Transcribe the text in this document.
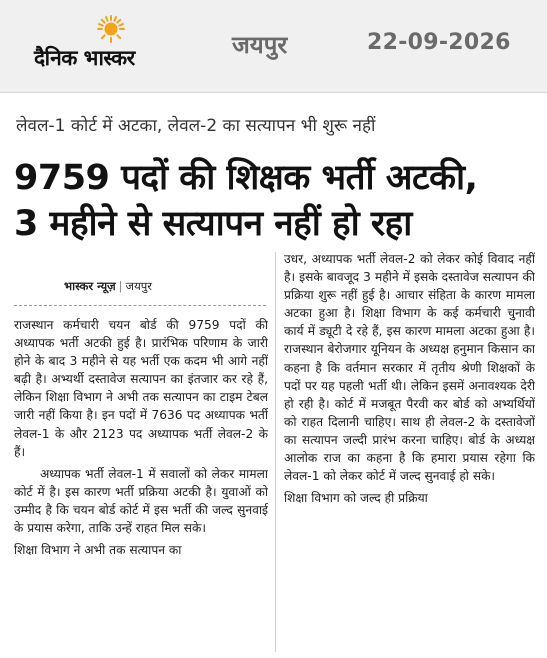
दैनिक भास्कर	जयपुर	22-09-2026
लेवल-1 कोर्ट में अटका, लेवल-2 का सत्यापन भी शुरू नहीं
9759 पदों की शिक्षक भर्ती अटकी,
3 महीने से सत्यापन नहीं हो रहा
भास्कर न्यूज़ | जयपुर

राजस्थान कर्मचारी चयन बोर्ड की 9759 पदों की अध्यापक भर्ती अटकी हुई है। प्रारंभिक परिणाम के जारी होने के बाद 3 महीने से यह भर्ती एक कदम भी आगे नहीं बढ़ी है। अभ्यर्थी दस्तावेज सत्यापन का इंतजार कर रहे हैं, लेकिन शिक्षा विभाग ने अभी तक सत्यापन का टाइम टेबल जारी नहीं किया है। इन पदों में 7636 पद अध्यापक भर्ती लेवल-1 के और 2123 पद अध्यापक भर्ती लेवल-2 के हैं।

अध्यापक भर्ती लेवल-1 में सवालों को लेकर मामला कोर्ट में है। इस कारण भर्ती प्रक्रिया अटकी है। युवाओं को उम्मीद है कि चयन बोर्ड कोर्ट में इस भर्ती की जल्द सुनवाई के प्रयास करेगा, ताकि उन्हें राहत मिल सके।

शिक्षा विभाग ने अभी तक सत्यापन का

उधर, अध्यापक भर्ती लेवल-2 को लेकर कोई विवाद नहीं है। इसके बावजूद 3 महीने में इसके दस्तावेज सत्यापन की प्रक्रिया शुरू नहीं हुई है। आचार संहिता के कारण मामला अटका हुआ है। शिक्षा विभाग के कई कर्मचारी चुनावी कार्य में ड्यूटी दे रहे हैं, इस कारण मामला अटका हुआ है। राजस्थान बेरोजगार यूनियन के अध्यक्ष हनुमान किसान का कहना है कि वर्तमान सरकार में तृतीय श्रेणी शिक्षकों के पदों पर यह पहली भर्ती थी। लेकिन इसमें अनावश्यक देरी हो रही है। कोर्ट में मजबूत पैरवी कर बोर्ड को अभ्यर्थियों को राहत दिलानी चाहिए। साथ ही लेवल-2 के दस्तावेजों का सत्यापन जल्दी प्रारंभ करना चाहिए। बोर्ड के अध्यक्ष आलोक राज का कहना है कि हमारा प्रयास रहेगा कि लेवल-1 को लेकर कोर्ट में जल्द सुनवाई हो सके।

शिक्षा विभाग को जल्द ही प्रक्रिया
